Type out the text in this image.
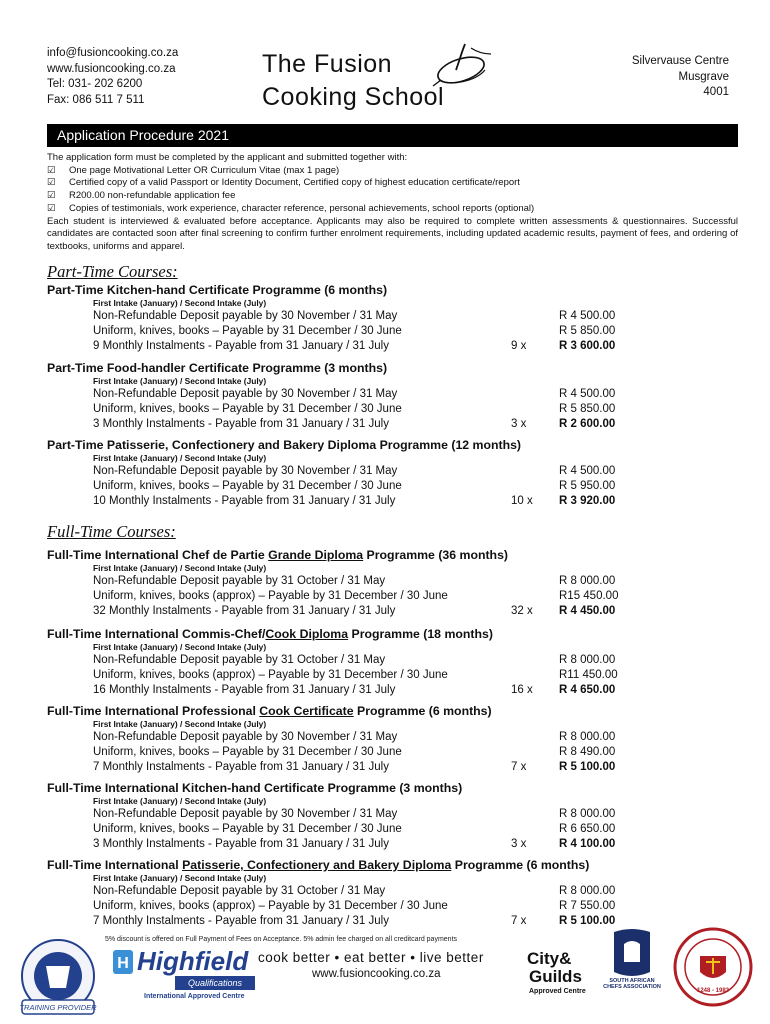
info@fusioncooking.co.za
www.fusioncooking.co.za
Tel: 031- 202 6200
Fax: 086 511 7 511
The Fusion
Cooking School
Silvervause Centre
Musgrave
4001
Application Procedure 2021

The application form must be completed by the applicant and submitted together with:

☑	One page Motivational Letter OR Curriculum Vitae (max 1 page)
☑	Certified copy of a valid Passport or Identity Document, Certified copy of highest education certificate/report
☑	R200.00 non-refundable application fee
☑	Copies of testimonials, work experience, character reference, personal achievements, school reports (optional)

Each student is interviewed & evaluated before acceptance. Applicants may also be required to complete written assessments & questionnaires. Successful candidates are contacted soon after final screening to confirm further enrolment requirements, including updated academic results, payment of fees, and ordering of textbooks, uniforms and apparel.

Part-Time Courses:
Full-Time Courses:
Part-Time Kitchen-hand Certificate Programme (6 months)
First Intake (January) / Second Intake (July)
Non-Refundable Deposit payable by 30 November / 31 May	R 4 500.00
Uniform, knives, books – Payable by 31 December / 30 June	R 5 850.00
9 Monthly Instalments - Payable from 31 January / 31 July	9 x	R 3 600.00
Part-Time Food-handler Certificate Programme (3 months)
First Intake (January) / Second Intake (July)
Non-Refundable Deposit payable by 30 November / 31 May	R 4 500.00
Uniform, knives, books – Payable by 31 December / 30 June	R 5 850.00
3 Monthly Instalments - Payable from 31 January / 31 July	3 x	R 2 600.00
Part-Time Patisserie, Confectionery and Bakery Diploma Programme (12 months)
First Intake (January) / Second Intake (July)
Non-Refundable Deposit payable by 30 November / 31 May	R 4 500.00
Uniform, knives, books – Payable by 31 December / 30 June	R 5 950.00
10 Monthly Instalments - Payable from 31 January / 31 July	10 x R 3 920.00
Full-Time International Chef de Partie Grande Diploma Programme (36 months)
First Intake (January) / Second Intake (July)
Non-Refundable Deposit payable by 31 October / 31 May	R 8 000.00
Uniform, knives, books (approx) – Payable by 31 December / 30 June	R15 450.00
32 Monthly Instalments - Payable from 31 January / 31 July	32 x R 4 450.00
Full-Time International Commis-Chef/Cook Diploma Programme (18 months)
First Intake (January) / Second Intake (July)
Non-Refundable Deposit payable by 31 October / 31 May	R 8 000.00
Uniform, knives, books (approx) – Payable by 31 December / 30 June	R11 450.00
16 Monthly Instalments - Payable from 31 January / 31 July	16 x R 4 650.00
Full-Time International Professional Cook Certificate Programme (6 months)
First Intake (January) / Second Intake (July)
Non-Refundable Deposit payable by 30 November / 31 May	R 8 000.00
Uniform, knives, books – Payable by 31 December / 30 June	R 8 490.00
7 Monthly Instalments - Payable from 31 January / 31 July	7 x	R 5 100.00
Full-Time International Kitchen-hand Certificate Programme (3 months)
First Intake (January) / Second Intake (July)
Non-Refundable Deposit payable by 30 November / 31 May	R 8 000.00
Uniform, knives, books – Payable by 31 December / 30 June	R 6 650.00
3 Monthly Instalments - Payable from 31 January / 31 July	3 x	R 4 100.00
Full-Time International Patisserie, Confectionery and Bakery Diploma Programme (6 months)
First Intake (January) / Second Intake (July)
Non-Refundable Deposit payable by 31 October / 31 May	R 8 000.00
Uniform, knives, books (approx) – Payable by 31 December / 30 June	R 7 550.00
7 Monthly Instalments - Payable from 31 January / 31 July	7 x	R 5 100.00
5% discount is offered on Full Payment of Fees on Acceptance. 5% admin fee charged on all creditcard payments
cook better • eat better • live better
www.fusioncooking.co.za
TRAINING PROVIDER
H Highfield
Qualifications
International Approved Centre
City&
Guilds
Approved Centre
SOUTH AFRICAN CHEFS ASSOCIATION
1248 - 1983
